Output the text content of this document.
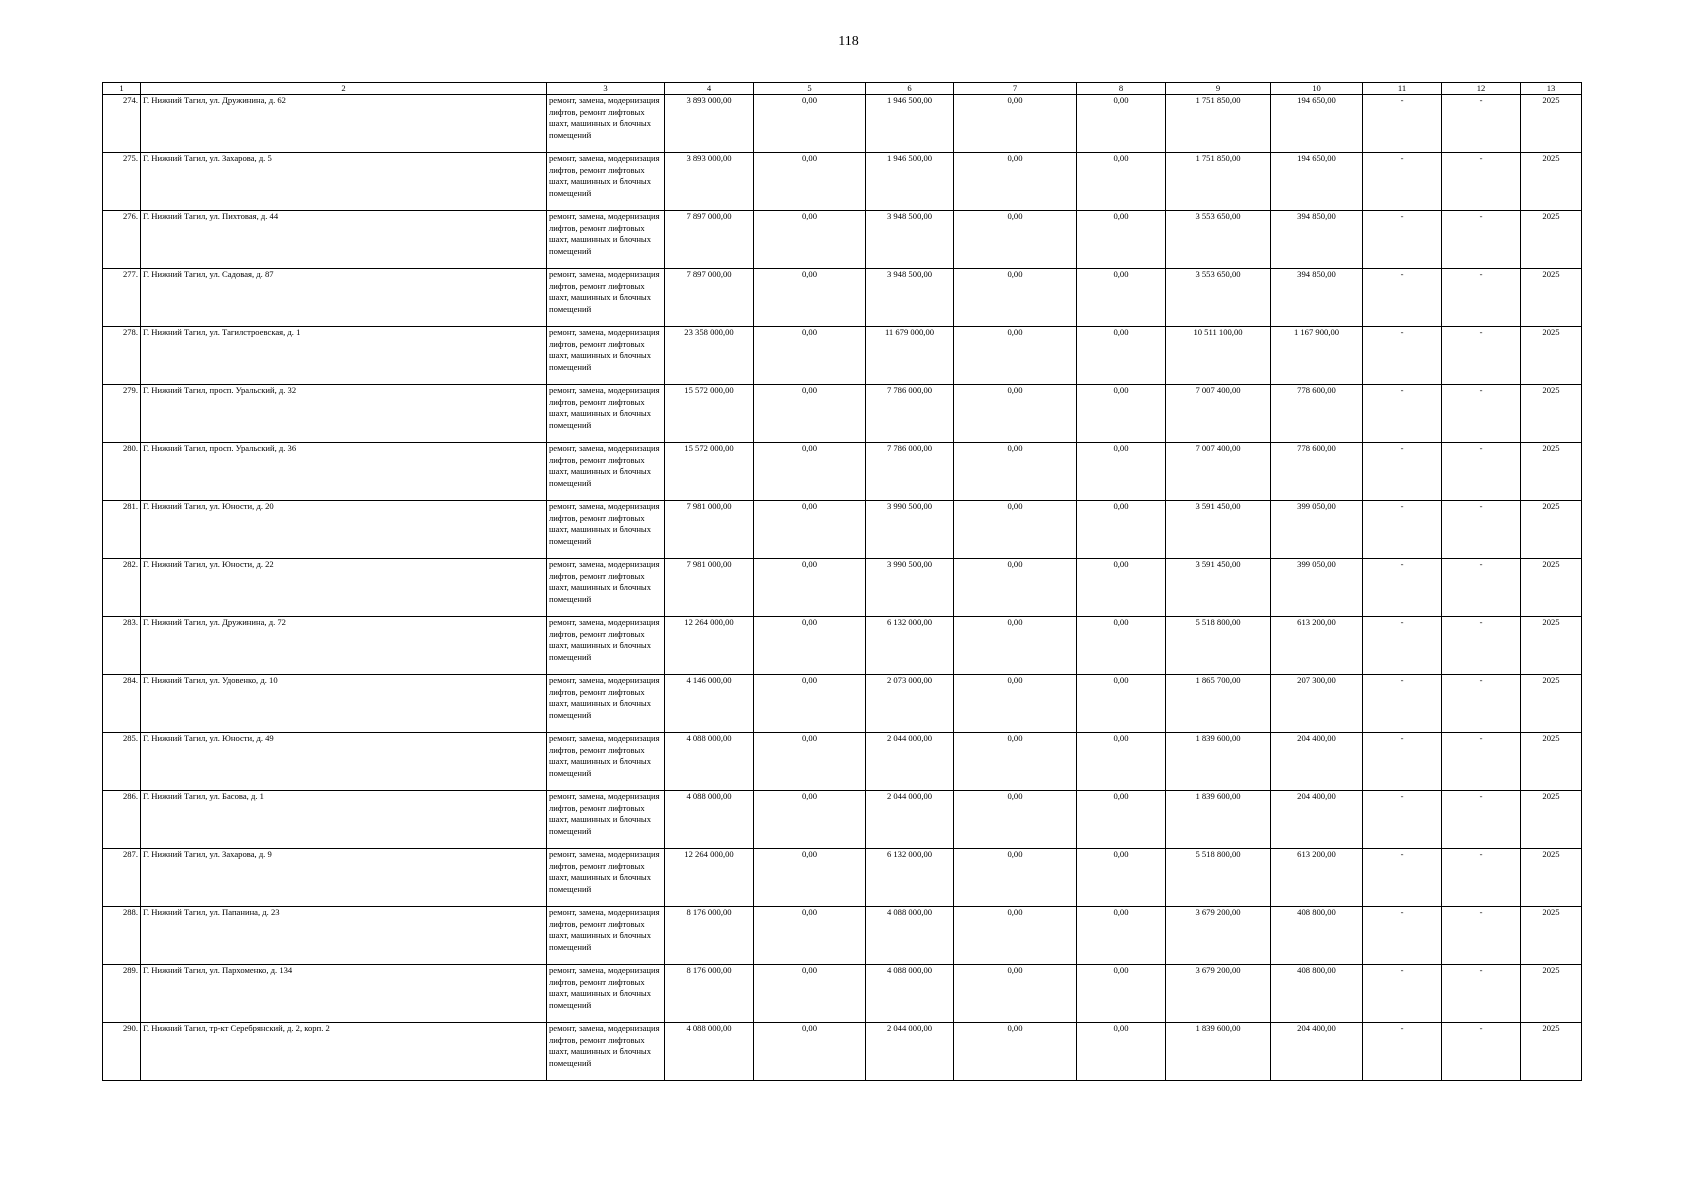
118
1	2	3	4	5	6	7	8	9	10	11	12	13
274.	Г. Нижний Тагил, ул. Дружинина, д. 62	ремонт, замена, модернизация лифтов, ремонт лифтовых шахт, машинных и блочных помещений	3 893 000,00	0,00	1 946 500,00	0,00	0,00	1 751 850,00	194 650,00	-	-	2025
275.	Г. Нижний Тагил, ул. Захарова, д. 5	ремонт, замена, модернизация лифтов, ремонт лифтовых шахт, машинных и блочных помещений	3 893 000,00	0,00	1 946 500,00	0,00	0,00	1 751 850,00	194 650,00	-	-	2025
276.	Г. Нижний Тагил, ул. Пихтовая, д. 44	ремонт, замена, модернизация лифтов, ремонт лифтовых шахт, машинных и блочных помещений	7 897 000,00	0,00	3 948 500,00	0,00	0,00	3 553 650,00	394 850,00	-	-	2025
277.	Г. Нижний Тагил, ул. Садовая, д. 87	ремонт, замена, модернизация лифтов, ремонт лифтовых шахт, машинных и блочных помещений	7 897 000,00	0,00	3 948 500,00	0,00	0,00	3 553 650,00	394 850,00	-	-	2025
278.	Г. Нижний Тагил, ул. Тагилстроевская, д. 1	ремонт, замена, модернизация лифтов, ремонт лифтовых шахт, машинных и блочных помещений	23 358 000,00	0,00	11 679 000,00	0,00	0,00	10 511 100,00	1 167 900,00	-	-	2025
279.	Г. Нижний Тагил, просп. Уральский, д. 32	ремонт, замена, модернизация лифтов, ремонт лифтовых шахт, машинных и блочных помещений	15 572 000,00	0,00	7 786 000,00	0,00	0,00	7 007 400,00	778 600,00	-	-	2025
280.	Г. Нижний Тагил, просп. Уральский, д. 36	ремонт, замена, модернизация лифтов, ремонт лифтовых шахт, машинных и блочных помещений	15 572 000,00	0,00	7 786 000,00	0,00	0,00	7 007 400,00	778 600,00	-	-	2025
281.	Г. Нижний Тагил, ул. Юности, д. 20	ремонт, замена, модернизация лифтов, ремонт лифтовых шахт, машинных и блочных помещений	7 981 000,00	0,00	3 990 500,00	0,00	0,00	3 591 450,00	399 050,00	-	-	2025
282.	Г. Нижний Тагил, ул. Юности, д. 22	ремонт, замена, модернизация лифтов, ремонт лифтовых шахт, машинных и блочных помещений	7 981 000,00	0,00	3 990 500,00	0,00	0,00	3 591 450,00	399 050,00	-	-	2025
283.	Г. Нижний Тагил, ул. Дружинина, д. 72	ремонт, замена, модернизация лифтов, ремонт лифтовых шахт, машинных и блочных помещений	12 264 000,00	0,00	6 132 000,00	0,00	0,00	5 518 800,00	613 200,00	-	-	2025
284.	Г. Нижний Тагил, ул. Удовенко, д. 10	ремонт, замена, модернизация лифтов, ремонт лифтовых шахт, машинных и блочных помещений	4 146 000,00	0,00	2 073 000,00	0,00	0,00	1 865 700,00	207 300,00	-	-	2025
285.	Г. Нижний Тагил, ул. Юности, д. 49	ремонт, замена, модернизация лифтов, ремонт лифтовых шахт, машинных и блочных помещений	4 088 000,00	0,00	2 044 000,00	0,00	0,00	1 839 600,00	204 400,00	-	-	2025
286.	Г. Нижний Тагил, ул. Басова, д. 1	ремонт, замена, модернизация лифтов, ремонт лифтовых шахт, машинных и блочных помещений	4 088 000,00	0,00	2 044 000,00	0,00	0,00	1 839 600,00	204 400,00	-	-	2025
287.	Г. Нижний Тагил, ул. Захарова, д. 9	ремонт, замена, модернизация лифтов, ремонт лифтовых шахт, машинных и блочных помещений	12 264 000,00	0,00	6 132 000,00	0,00	0,00	5 518 800,00	613 200,00	-	-	2025
288.	Г. Нижний Тагил, ул. Папанина, д. 23	ремонт, замена, модернизация лифтов, ремонт лифтовых шахт, машинных и блочных помещений	8 176 000,00	0,00	4 088 000,00	0,00	0,00	3 679 200,00	408 800,00	-	-	2025
289.	Г. Нижний Тагил, ул. Пархоменко, д. 134	ремонт, замена, модернизация лифтов, ремонт лифтовых шахт, машинных и блочных помещений	8 176 000,00	0,00	4 088 000,00	0,00	0,00	3 679 200,00	408 800,00	-	-	2025
290.	Г. Нижний Тагил, тр-кт Серебрянский, д. 2, корп. 2	ремонт, замена, модернизация лифтов, ремонт лифтовых шахт, машинных и блочных помещений	4 088 000,00	0,00	2 044 000,00	0,00	0,00	1 839 600,00	204 400,00	-	-	2025
